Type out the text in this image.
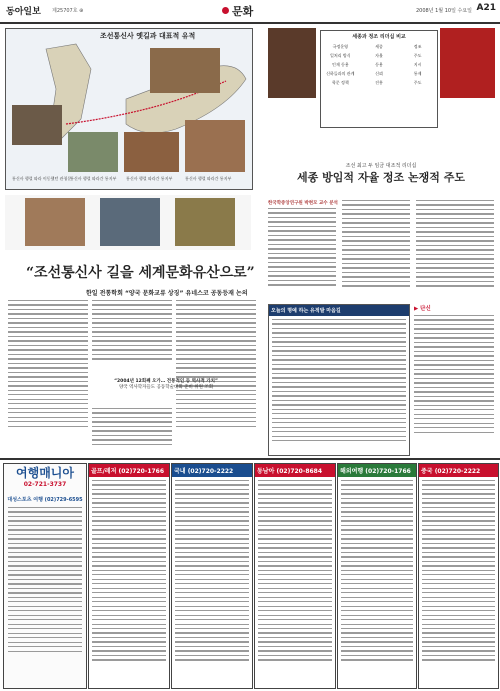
동아일보 제25707호 ⊕	문화	2008년 1월 10일 수요일 A21
조선통신사 옛길과 대표적 유적
통신사 행렬 따라 이동했던 관청문
통신사 행렬 따라간 통지부 통신사 행렬 따라간 통지부	통신사 행렬 따라간 통지부
“조선통신사 길을 세계문화유산으로”
한일 전통학회 “양국 문화교류 상징” 유네스코 공동등재 논의
“2004년 12회째 오가… 전통적인 등 역사적 가치”
양국 역사학자들도 공동학술대회 준비 위원 조회
세종과 정조 리더십 비교
국정운영	세종	정조
일처리 방식	자율	주도
인재 등용	등용	지시
신하들과의 관계	신뢰	통제
학문 정책	진흥	주도
조선 최고 두 임금 대조적 리더십
세종 방임적 자율 정조 논쟁적 주도
한국학중앙연구원 박현모 교수 분석
오늘의 명예 하는 유적발 마음길	▶ 단신
여행매니아
02-721-3737
대성스포츠 여행 (02)729-6595
골프/레저 (02)720-1766	국내 (02)720-2222	동남아 (02)720-8684	해외여행 (02)720-1766	중국 (02)720-2222
